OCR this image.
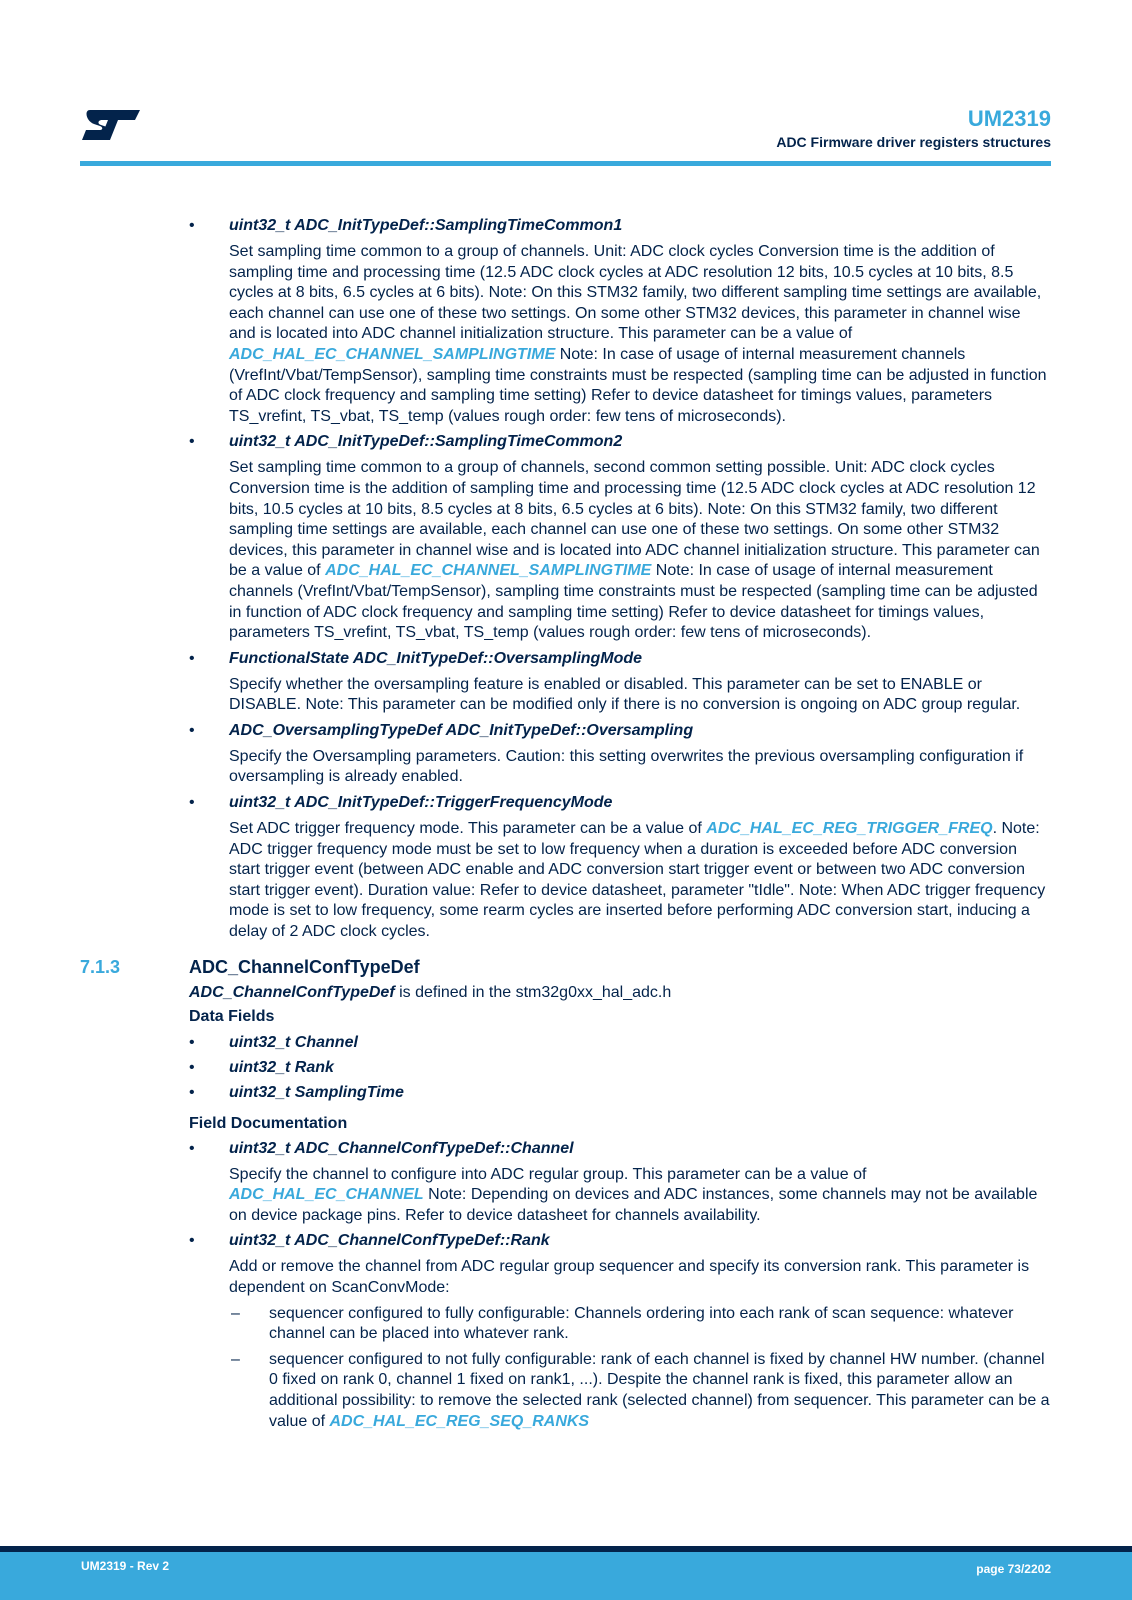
UM2319
ADC Firmware driver registers structures
• uint32_t ADC_InitTypeDef::SamplingTimeCommon1
Set sampling time common to a group of channels. Unit: ADC clock cycles Conversion time is the addition of sampling time and processing time (12.5 ADC clock cycles at ADC resolution 12 bits, 10.5 cycles at 10 bits, 8.5 cycles at 8 bits, 6.5 cycles at 6 bits). Note: On this STM32 family, two different sampling time settings are available, each channel can use one of these two settings. On some other STM32 devices, this parameter in channel wise and is located into ADC channel initialization structure. This parameter can be a value of ADC_HAL_EC_CHANNEL_SAMPLINGTIME Note: In case of usage of internal measurement channels (VrefInt/Vbat/TempSensor), sampling time constraints must be respected (sampling time can be adjusted in function of ADC clock frequency and sampling time setting) Refer to device datasheet for timings values, parameters TS_vrefint, TS_vbat, TS_temp (values rough order: few tens of microseconds).
• uint32_t ADC_InitTypeDef::SamplingTimeCommon2
Set sampling time common to a group of channels, second common setting possible. Unit: ADC clock cycles Conversion time is the addition of sampling time and processing time (12.5 ADC clock cycles at ADC resolution 12 bits, 10.5 cycles at 10 bits, 8.5 cycles at 8 bits, 6.5 cycles at 6 bits). Note: On this STM32 family, two different sampling time settings are available, each channel can use one of these two settings. On some other STM32 devices, this parameter in channel wise and is located into ADC channel initialization structure. This parameter can be a value of ADC_HAL_EC_CHANNEL_SAMPLINGTIME Note: In case of usage of internal measurement channels (VrefInt/Vbat/TempSensor), sampling time constraints must be respected (sampling time can be adjusted in function of ADC clock frequency and sampling time setting) Refer to device datasheet for timings values, parameters TS_vrefint, TS_vbat, TS_temp (values rough order: few tens of microseconds).
• FunctionalState ADC_InitTypeDef::OversamplingMode
Specify whether the oversampling feature is enabled or disabled. This parameter can be set to ENABLE or DISABLE. Note: This parameter can be modified only if there is no conversion is ongoing on ADC group regular.
• ADC_OversamplingTypeDef ADC_InitTypeDef::Oversampling
Specify the Oversampling parameters. Caution: this setting overwrites the previous oversampling configuration if oversampling is already enabled.
• uint32_t ADC_InitTypeDef::TriggerFrequencyMode
Set ADC trigger frequency mode. This parameter can be a value of ADC_HAL_EC_REG_TRIGGER_FREQ. Note: ADC trigger frequency mode must be set to low frequency when a duration is exceeded before ADC conversion start trigger event (between ADC enable and ADC conversion start trigger event or between two ADC conversion start trigger event). Duration value: Refer to device datasheet, parameter "tIdle". Note: When ADC trigger frequency mode is set to low frequency, some rearm cycles are inserted before performing ADC conversion start, inducing a delay of 2 ADC clock cycles.
7.1.3	ADC_ChannelConfTypeDef
ADC_ChannelConfTypeDef is defined in the stm32g0xx_hal_adc.h
Data Fields
• uint32_t Channel
• uint32_t Rank
• uint32_t SamplingTime
Field Documentation
• uint32_t ADC_ChannelConfTypeDef::Channel
Specify the channel to configure into ADC regular group. This parameter can be a value of ADC_HAL_EC_CHANNEL Note: Depending on devices and ADC instances, some channels may not be available on device package pins. Refer to device datasheet for channels availability.
• uint32_t ADC_ChannelConfTypeDef::Rank
Add or remove the channel from ADC regular group sequencer and specify its conversion rank. This parameter is dependent on ScanConvMode:
– sequencer configured to fully configurable: Channels ordering into each rank of scan sequence: whatever channel can be placed into whatever rank.
– sequencer configured to not fully configurable: rank of each channel is fixed by channel HW number. (channel 0 fixed on rank 0, channel 1 fixed on rank1, ...). Despite the channel rank is fixed, this parameter allow an additional possibility: to remove the selected rank (selected channel) from sequencer. This parameter can be a value of ADC_HAL_EC_REG_SEQ_RANKS
UM2319 - Rev 2	page 73/2202
